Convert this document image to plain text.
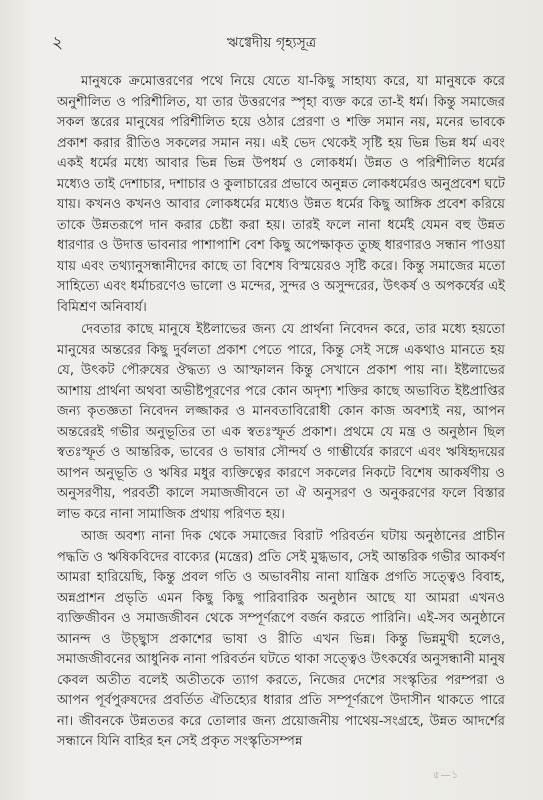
২	ঋগ্বেদীয় গৃহ্যসূত্র

মানুষকে ক্রমোত্তরণের পথে নিয়ে যেতে যা-কিছু সাহায্য করে, যা মানুষকে করে অনুশীলিত ও পরিশীলিত, যা তার উত্তরণের স্পৃহা ব্যক্ত করে তা-ই ধর্ম। কিন্তু সমাজের সকল স্তরের মানুষের পরিশীলিত হয়ে ওঠার প্রেরণা ও শক্তি সমান নয়, মনের ভাবকে প্রকাশ করার রীতিও সকলের সমান নয়। এই ভেদ থেকেই সৃষ্টি হয় ভিন্ন ভিন্ন ধর্ম এবং একই ধর্মের মধ্যে আবার ভিন্ন ভিন্ন উপধর্ম ও লোকধর্ম। উন্নত ও পরিশীলিত ধর্মের মধ্যেও তাই দেশাচার, দশাচার ও কুলাচারের প্রভাবে অনুন্নত লোকধর্মেরও অনুপ্রবেশ ঘটে যায়। কখনও কখনও আবার লোকধর্মের মধ্যেও উন্নত ধর্মের কিছু আঙ্গিক প্রবেশ করিয়ে তাকে উন্নতরূপে দান করার চেষ্টা করা হয়। তারই ফলে নানা ধর্মেই যেমন বহু উন্নত ধারণার ও উদাত্ত ভাবনার পাশাপাশি বেশ কিছু অপেক্ষাকৃত তুচ্ছ ধারণারও সন্ধান পাওয়া যায় এবং তথ্যানুসন্ধানীদের কাছে তা বিশেষ বিস্ময়েরও সৃষ্টি করে। কিন্তু সমাজের মতো সাহিত্যে এবং ধর্মাচরণেও ভালো ও মন্দের, সুন্দর ও অসুন্দরের, উৎকর্ষ ও অপকর্ষের এই বিমিশ্রণ অনিবার্য।

দেবতার কাছে মানুষে ইষ্টলাভের জন্য যে প্রার্থনা নিবেদন করে, তার মধ্যে হয়তো মানুষের অন্তরের কিছু দুর্বলতা প্রকাশ পেতে পারে, কিন্তু সেই সঙ্গে একথাও মানতে হয় যে, উৎকট পৌরুষের ঔদ্ধত্য ও আস্ফালন কিন্তু সেখানে প্রকাশ পায় না। ইষ্টলাভের আশায় প্রার্থনা অথবা অভীষ্টপূরণের পরে কোন অদৃশ্য শক্তির কাছে অভাবিত ইষ্টপ্রাপ্তির জন্য কৃতজ্ঞতা নিবেদন লজ্জাকর ও মানবতাবিরোধী কোন কাজ অবশ্যই নয়, আপন অন্তরেরই গভীর অনুভূতির তা এক স্বতঃস্ফূর্ত প্রকাশ। প্রথমে যে মন্ত্র ও অনুষ্ঠান ছিল স্বতঃস্ফূর্ত ও আন্তরিক, ভাবের ও ভাষার সৌন্দর্য ও গাম্ভীর্যের কারণে এবং ঋষিহৃদয়ের আপন অনুভূতি ও ঋষির মধুর ব্যক্তিত্বের কারণে সকলের নিকটে বিশেষ আকর্ষণীয় ও অনুসরণীয়, পরবর্তী কালে সমাজজীবনে তা ঐ অনুসরণ ও অনুকরণের ফলে বিস্তার লাভ করে নানা সামাজিক প্রথায় পরিণত হয়।

আজ অবশ্য নানা দিক থেকে সমাজের বিরাট পরিবর্তন ঘটায় অনুষ্ঠানের প্রাচীন পদ্ধতি ও ঋষিকবিদের বাক্যের (মন্ত্রের) প্রতি সেই মুগ্ধভাব, সেই আন্তরিক গভীর আকর্ষণ আমরা হারিয়েছি, কিন্তু প্রবল গতি ও অভাবনীয় নানা যান্ত্রিক প্রগতি সত্ত্বেও বিবাহ, অন্নপ্রাশন প্রভৃতি এমন কিছু কিছু পারিবারিক অনুষ্ঠান আছে যা আমরা এখনও ব্যক্তিজীবন ও সমাজজীবন থেকে সম্পূর্ণরূপে বর্জন করতে পারিনি। এই-সব অনুষ্ঠানে আনন্দ ও উচ্ছ্বাস প্রকাশের ভাষা ও রীতি এখন ভিন্ন। কিন্তু ভিন্নমুখী হলেও, সমাজজীবনের আধুনিক নানা পরিবর্তন ঘটতে থাকা সত্ত্বেও উৎকর্ষের অনুসন্ধানী মানুষ কেবল অতীত বলেই অতীতকে ত্যাগ করতে, নিজের দেশের সংস্কৃতির পরম্পরা ও আপন পূর্বপুরুষদের প্রবর্তিত ঐতিহ্যের ধারার প্রতি সম্পূর্ণরূপে উদাসীন থাকতে পারে না। জীবনকে উন্নততর করে তোলার জন্য প্রয়োজনীয় পাথেয়-সংগ্রহে, উন্নত আদর্শের সন্ধানে যিনি বাহির হন সেই প্রকৃত সংস্কৃতিসম্পন্ন

৫—১
